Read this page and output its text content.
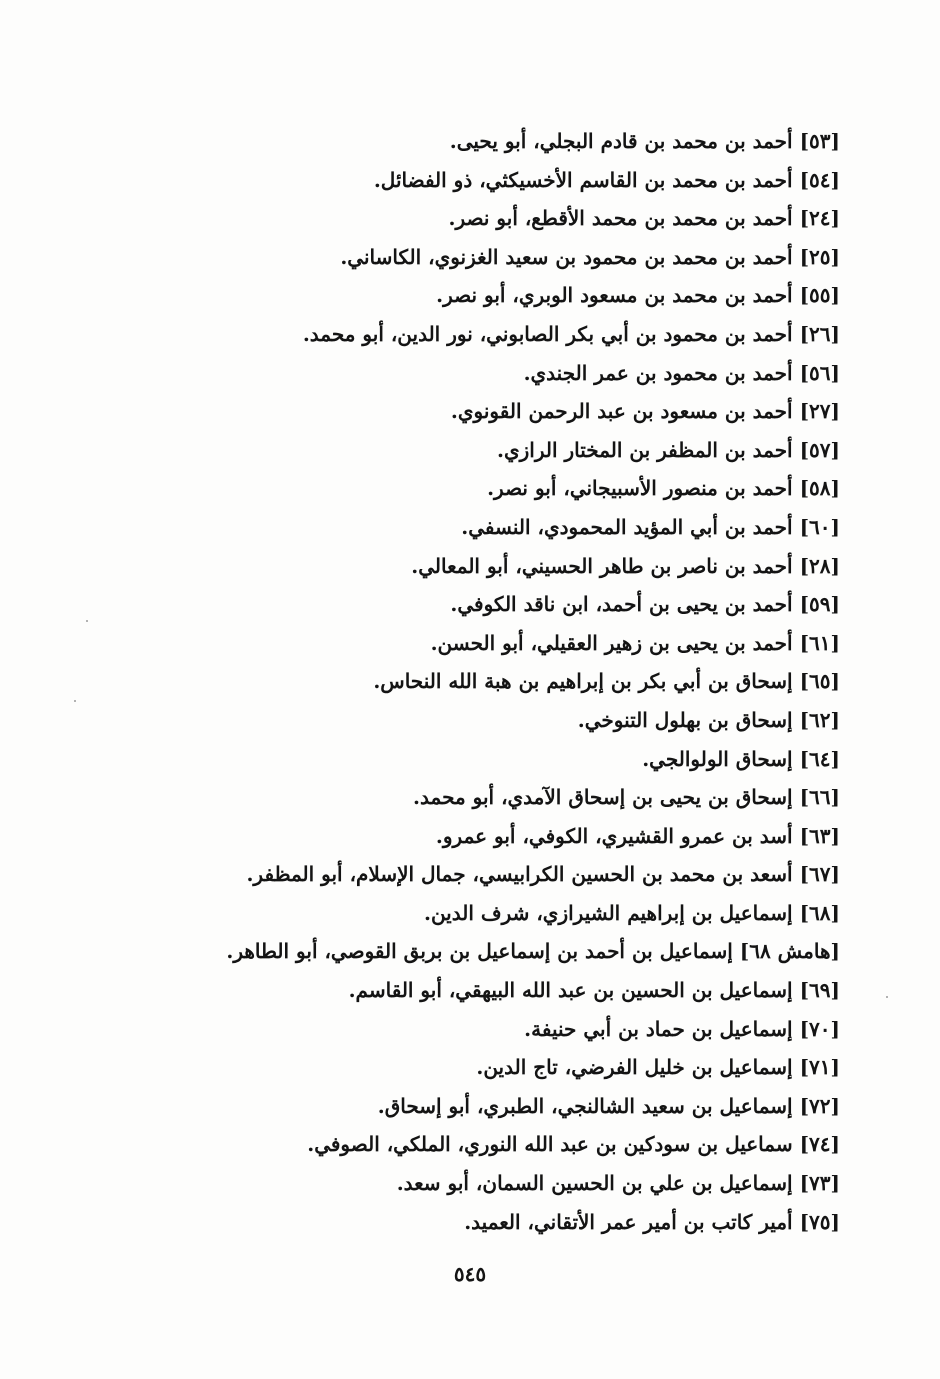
[٥٣] أحمد بن محمد بن قادم البجلي، أبو يحيى.
[٥٤] أحمد بن محمد بن القاسم الأخسيكثي، ذو الفضائل.
[٢٤] أحمد بن محمد بن محمد الأقطع، أبو نصر.
[٢٥] أحمد بن محمد بن محمود بن سعيد الغزنوي، الكاساني.
[٥٥] أحمد بن محمد بن مسعود الوبري، أبو نصر.
[٢٦] أحمد بن محمود بن أبي بكر الصابوني، نور الدين، أبو محمد.
[٥٦] أحمد بن محمود بن عمر الجندي.
[٢٧] أحمد بن مسعود بن عبد الرحمن القونوي.
[٥٧] أحمد بن المظفر بن المختار الرازي.
[٥٨] أحمد بن منصور الأسبيجاني، أبو نصر.
[٦٠] أحمد بن أبي المؤيد المحمودي، النسفي.
[٢٨] أحمد بن ناصر بن طاهر الحسيني، أبو المعالي.
[٥٩] أحمد بن يحيى بن أحمد، ابن ناقد الكوفي.
[٦١] أحمد بن يحيى بن زهير العقيلي، أبو الحسن.
[٦٥] إسحاق بن أبي بكر بن إبراهيم بن هبة الله النحاس.
[٦٢] إسحاق بن بهلول التنوخي.
[٦٤] إسحاق الولوالجي.
[٦٦] إسحاق بن يحيى بن إسحاق الآمدي، أبو محمد.
[٦٣] أسد بن عمرو القشيري، الكوفي، أبو عمرو.
[٦٧] أسعد بن محمد بن الحسين الكرابيسي، جمال الإسلام، أبو المظفر.
[٦٨] إسماعيل بن إبراهيم الشيرازي، شرف الدين.
[هامش ٦٨] إسماعيل بن أحمد بن إسماعيل بن بربق القوصي، أبو الطاهر.
[٦٩] إسماعيل بن الحسين بن عبد الله البيهقي، أبو القاسم.
[٧٠] إسماعيل بن حماد بن أبي حنيفة.
[٧١] إسماعيل بن خليل الفرضي، تاج الدين.
[٧٢] إسماعيل بن سعيد الشالنجي، الطبري، أبو إسحاق.
[٧٤] سماعيل بن سودكين بن عبد الله النوري، الملكي، الصوفي.
[٧٣] إسماعيل بن علي بن الحسين السمان، أبو سعد.
[٧٥] أمير كاتب بن أمير عمر الأتقاني، العميد.
٥٤٥
